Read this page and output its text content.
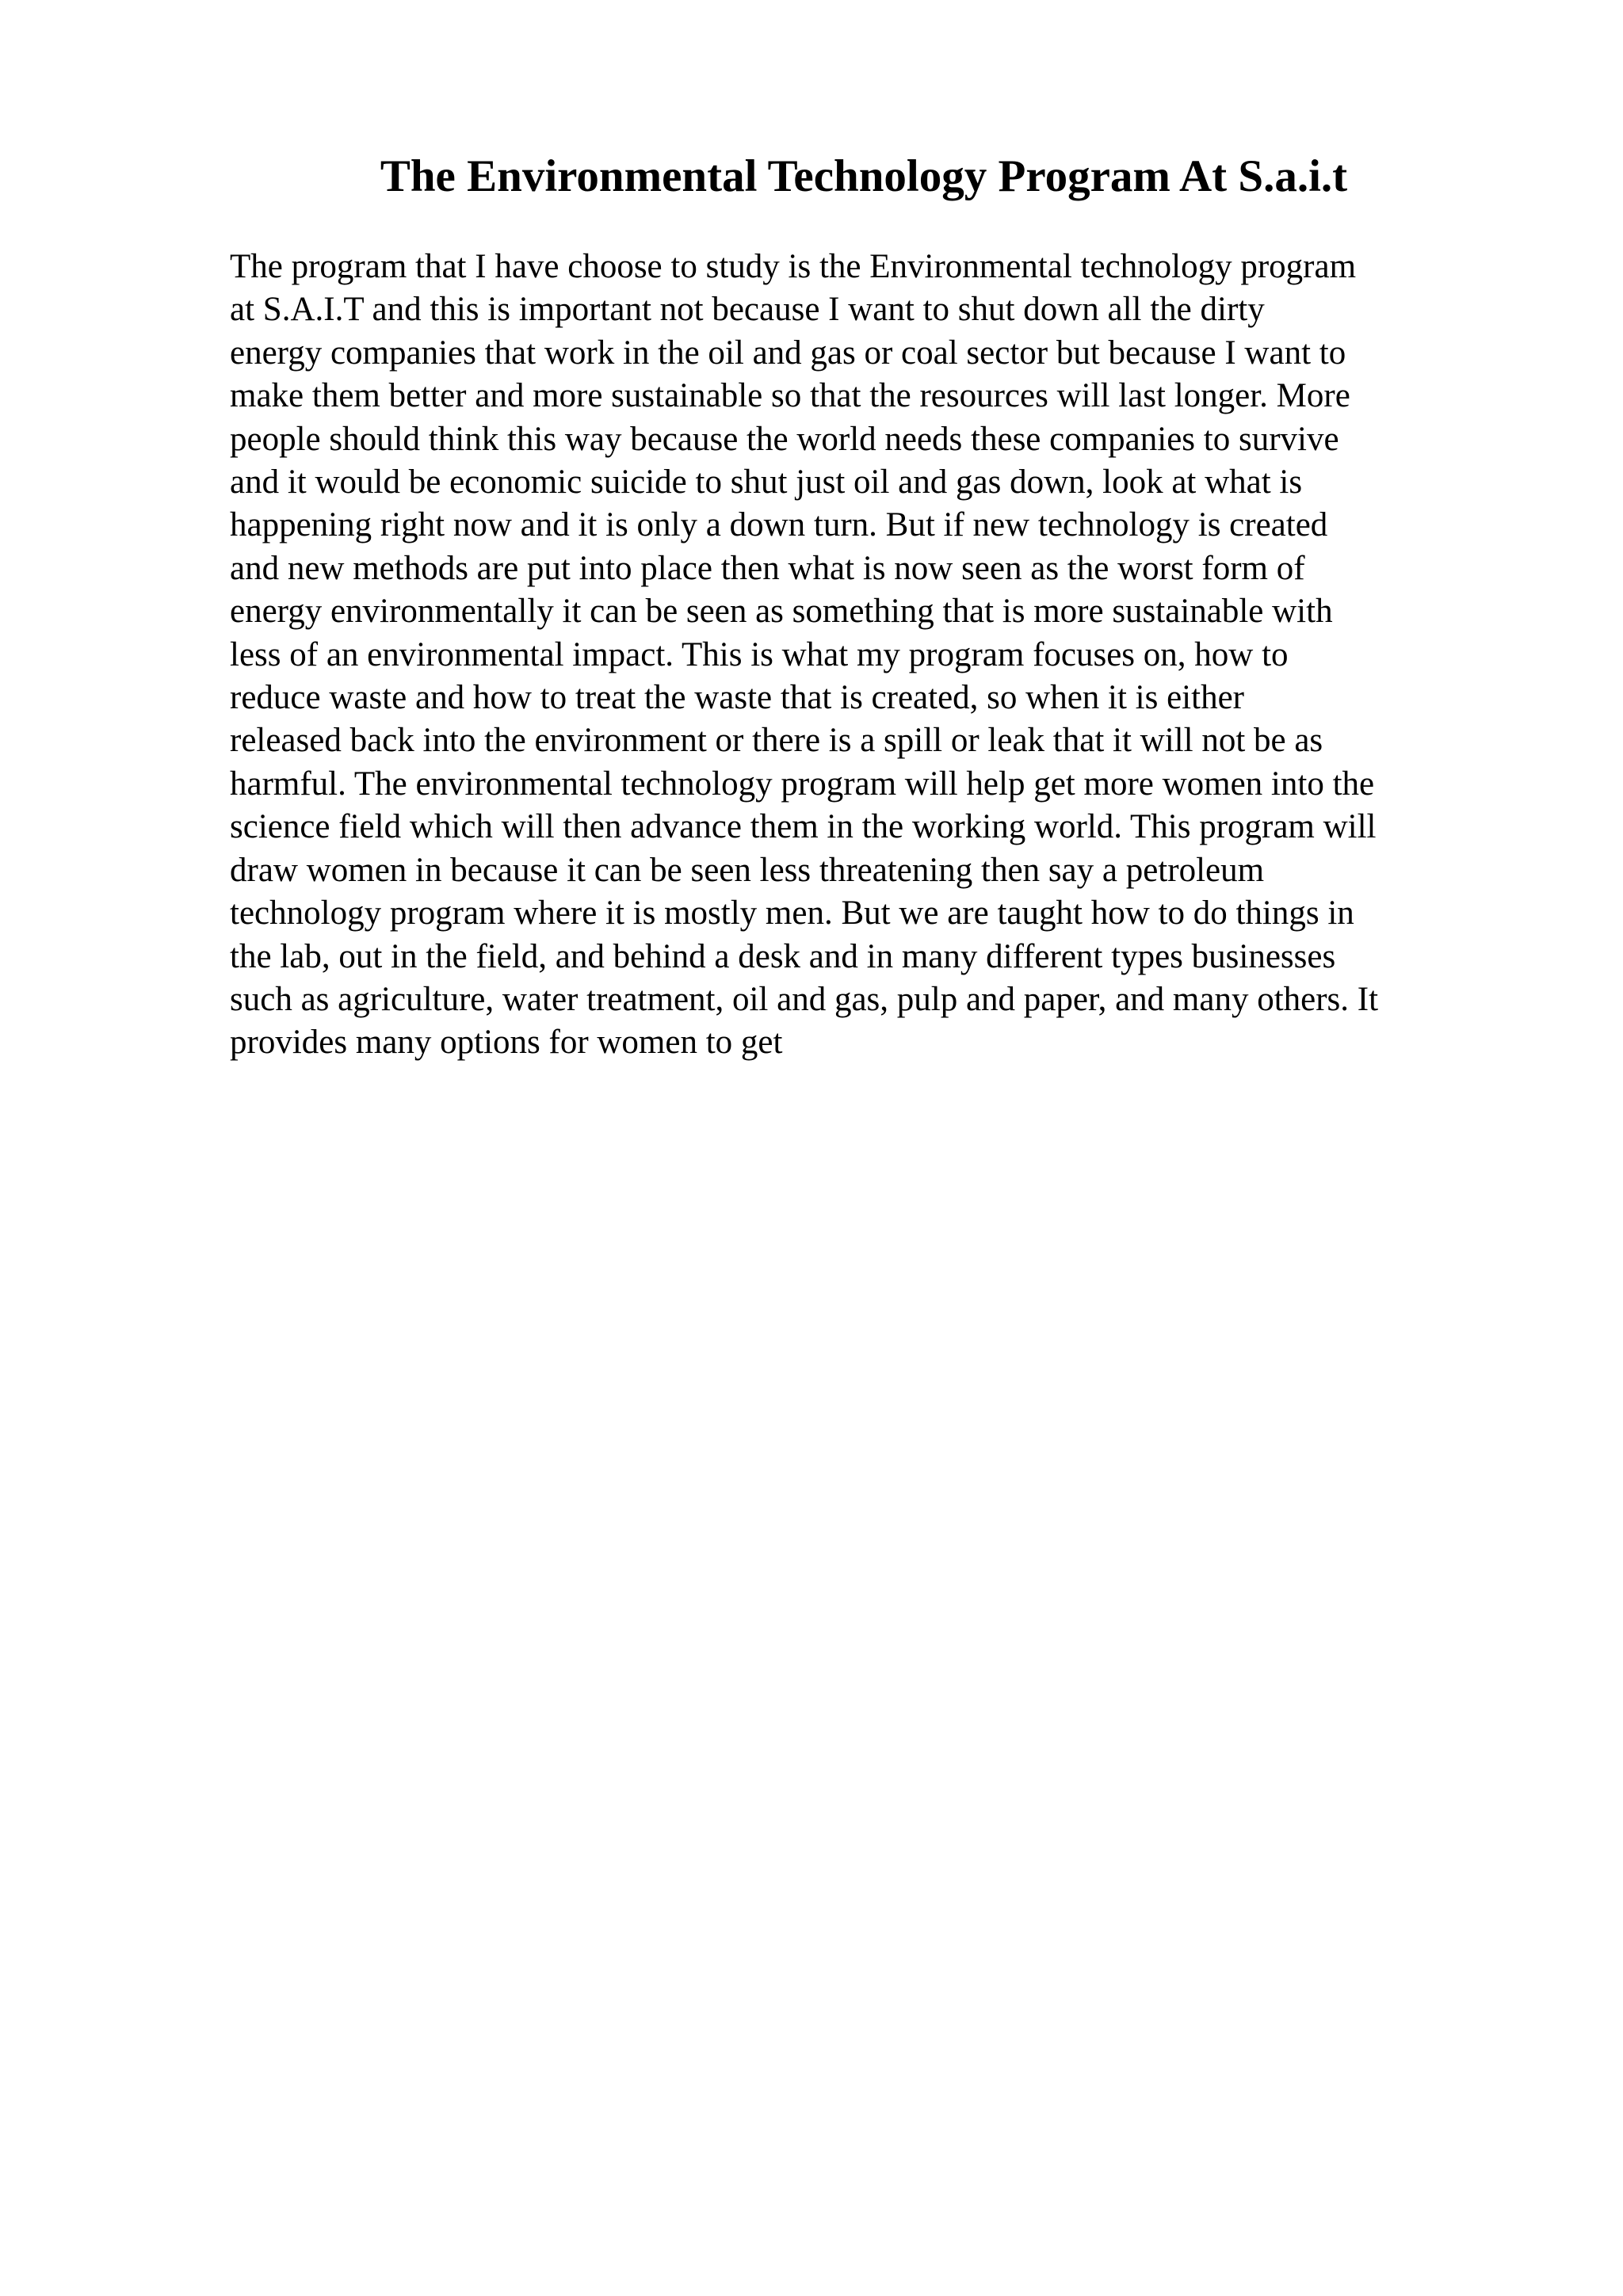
The Environmental Technology Program At S.a.i.t
The program that I have choose to study is the Environmental technology program
at S.A.I.T and this is important not because I want to shut down all the dirty
energy companies that work in the oil and gas or coal sector but because I want to
make them better and more sustainable so that the resources will last longer. More
people should think this way because the world needs these companies to survive
and it would be economic suicide to shut just oil and gas down, look at what is
happening right now and it is only a down turn. But if new technology is created
and new methods are put into place then what is now seen as the worst form of
energy environmentally it can be seen as something that is more sustainable with
less of an environmental impact. This is what my program focuses on, how to
reduce waste and how to treat the waste that is created, so when it is either
released back into the environment or there is a spill or leak that it will not be as
harmful. The environmental technology program will help get more women into the
science field which will then advance them in the working world. This program will
draw women in because it can be seen less threatening then say a petroleum
technology program where it is mostly men. But we are taught how to do things in
the lab, out in the field, and behind a desk and in many different types businesses
such as agriculture, water treatment, oil and gas, pulp and paper, and many others. It
provides many options for women to get
